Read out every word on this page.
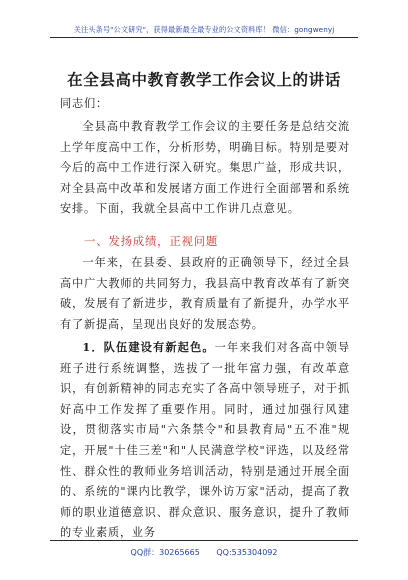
关注头条号"公文研究"，获得最新最全最专业的公文资料库！ 微信：gongwenyj
在全县高中教育教学工作会议上的讲话
同志们：
全县高中教育教学工作会议的主要任务是总结交流上学年度高中工作，分析形势，明确目标。特别是要对今后的高中工作进行深入研究。集思广益，形成共识，对全县高中改革和发展诸方面工作进行全面部署和系统安排。下面，我就全县高中工作讲几点意见。
一、发扬成绩，正视问题
一年来，在县委、县政府的正确领导下，经过全县高中广大教师的共同努力，我县高中教育改革有了新突破，发展有了新进步，教育质量有了新提升，办学水平有了新提高，呈现出良好的发展态势。
1．队伍建设有新起色。一年来我们对各高中领导班子进行系统调整，选拔了一批年富力强，有改革意识，有创新精神的同志充实了各高中领导班子，对于抓好高中工作发挥了重要作用。同时，通过加强行风建设，贯彻落实市局"六条禁令"和县教育局"五不准"规定，开展"十佳三差"和"人民满意学校"评选，以及经常性、群众性的教师业务培训活动，特别是通过开展全面的、系统的"课内比教学，课外访万家"活动，提高了教师的职业道德意识、群众意识、服务意识，提升了教师的专业素质，业务
QQ群：30265665 QQ:535304092
